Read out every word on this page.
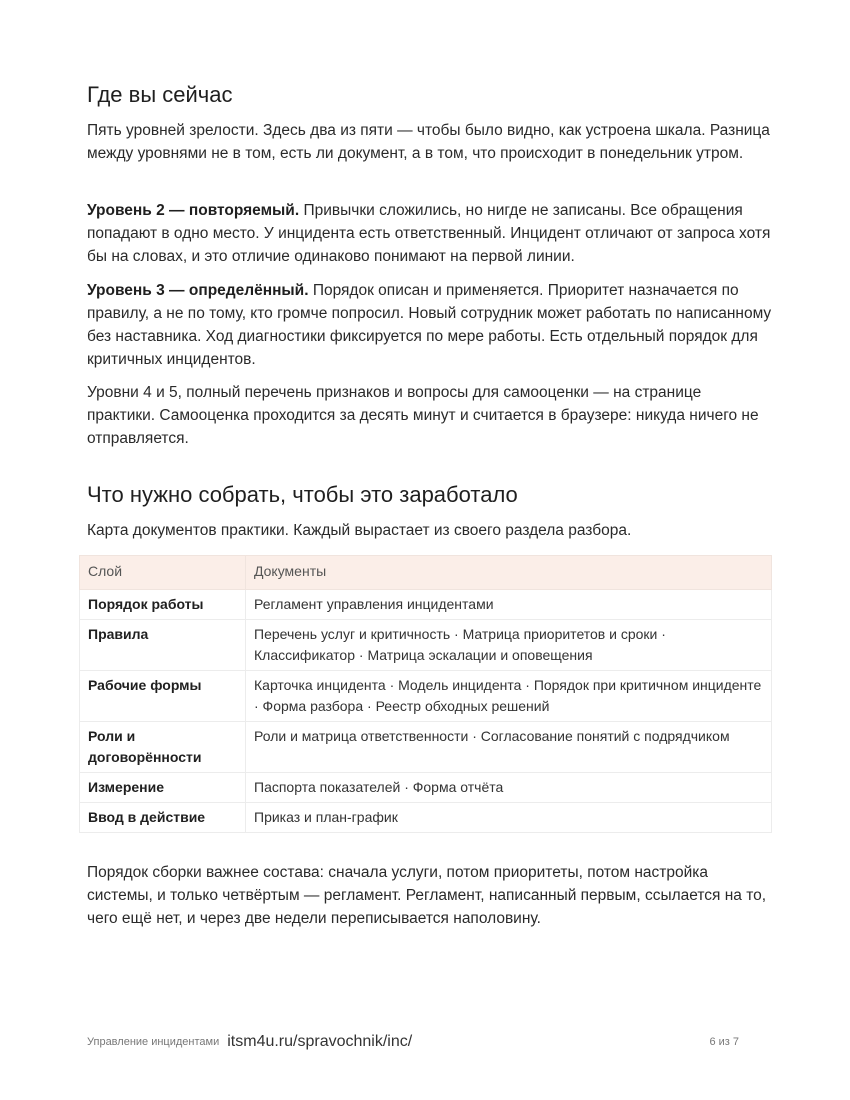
Где вы сейчас

Пять уровней зрелости. Здесь два из пяти — чтобы было видно, как устроена шкала. Разница между уровнями не в том, есть ли документ, а в том, что происходит в понедельник утром.

Уровень 2 — повторяемый. Привычки сложились, но нигде не записаны. Все обращения попадают в одно место. У инцидента есть ответственный. Инцидент отличают от запроса хотя бы на словах, и это отличие одинаково понимают на первой линии.

Уровень 3 — определённый. Порядок описан и применяется. Приоритет назначается по правилу, а не по тому, кто громче попросил. Новый сотрудник может работать по написанному без наставника. Ход диагностики фиксируется по мере работы. Есть отдельный порядок для критичных инцидентов.

Уровни 4 и 5, полный перечень признаков и вопросы для самооценки — на странице практики. Самооценка проходится за десять минут и считается в браузере: никуда ничего не отправляется.

Что нужно собрать, чтобы это заработало

Карта документов практики. Каждый вырастает из своего раздела разбора.

Слой	Документы
Порядок работы	Регламент управления инцидентами
Правила	Перечень услуг и критичность · Матрица приоритетов и сроки · Классификатор · Матрица эскалации и оповещения
Рабочие формы	Карточка инцидента · Модель инцидента · Порядок при критичном инциденте · Форма разбора · Реестр обходных решений
Роли и договорённости	Роли и матрица ответственности · Согласование понятий с подрядчиком
Измерение	Паспорта показателей · Форма отчёта
Ввод в действие	Приказ и план-график

Порядок сборки важнее состава: сначала услуги, потом приоритеты, потом настройка системы, и только четвёртым — регламент. Регламент, написанный первым, ссылается на то, чего ещё нет, и через две недели переписывается наполовину.

Управление инцидентами itsm4u.ru/spravochnik/inc/	6 из 7
